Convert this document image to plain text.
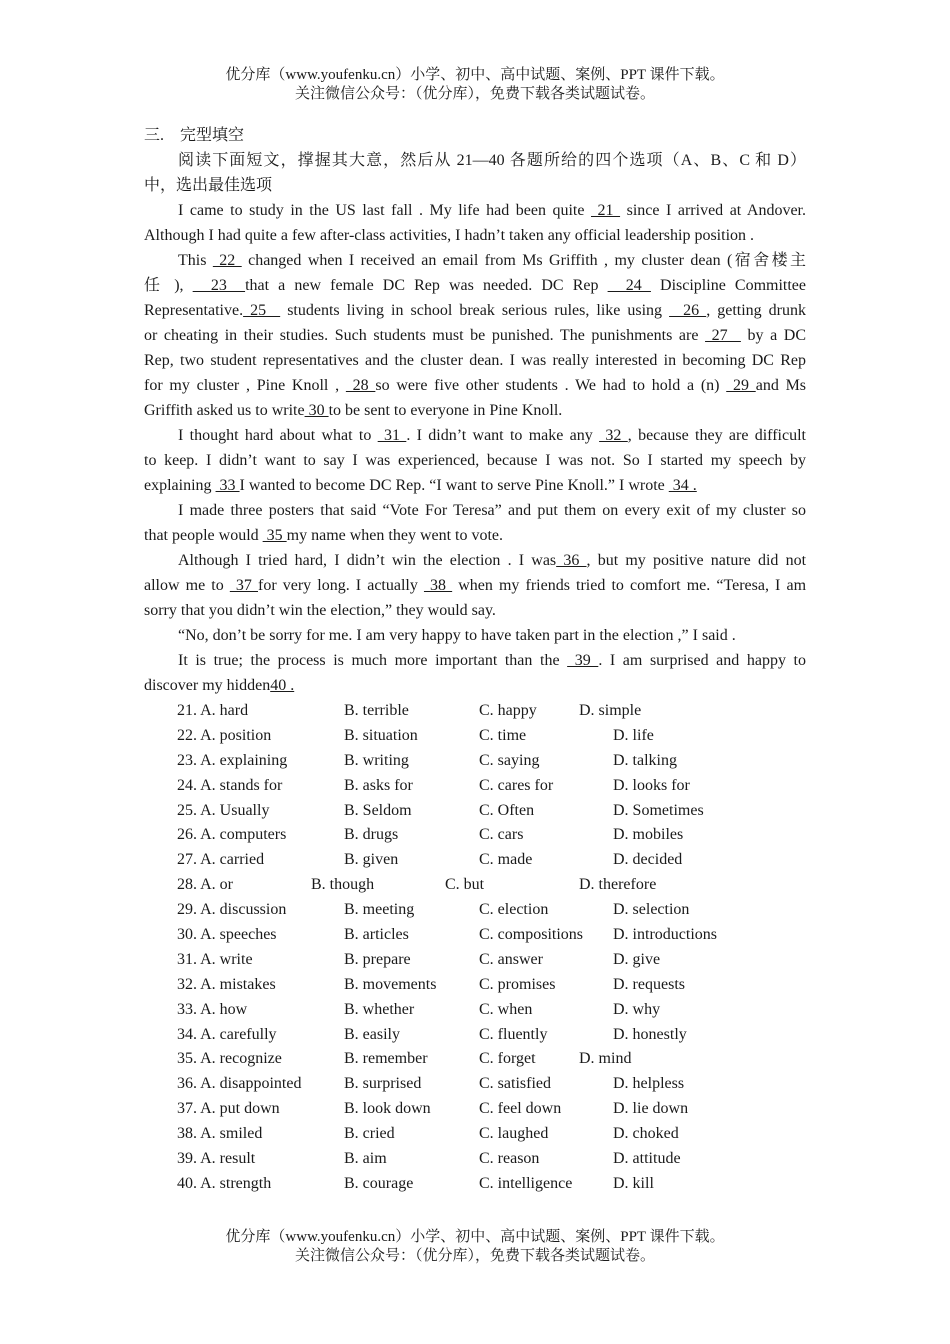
优分库（www.youfenku.cn）小学、初中、高中试题、案例、PPT 课件下载。
关注微信公众号：（优分库），免费下载各类试题试卷。
三.　完型填空
阅读下面短文，撑握其大意，然后从 21—40 各题所给的四个选项（A、B、C 和 D）
中，选出最佳选项
I came to study in the US last fall . My life had been quite  21  since I arrived at Andover.
Although I had quite a few after-class activities, I hadn’t taken any official leadership position .
This  22  changed when I received an email from Ms Griffith , my cluster dean (宿舍楼主
任 ),   23  that a new female DC Rep was needed. DC Rep   24  Discipline Committee
Representative. 25   students living in school break serious rules, like using   26 , getting drunk
or cheating in their studies. Such students must be punished. The punishments are  27   by a DC
Rep, two student representatives and the cluster dean. I was really interested in becoming DC Rep
for my cluster , Pine Knoll ,  28 so were five other students . We had to hold a (n)  29 and Ms
Griffith asked us to write 30 to be sent to everyone in Pine Knoll.
I thought hard about what to  31 . I didn’t want to make any  32 , because they are difficult
to keep. I didn’t want to say I was experienced, because I was not. So I started my speech by
explaining  33 I wanted to become DC Rep. “I want to serve Pine Knoll.” I wrote  34 .
I made three posters that said “Vote For Teresa” and put them on every exit of my cluster so
that people would  35 my name when they went to vote.
Although I tried hard, I didn’t win the election . I was 36 , but my positive nature did not
allow me to  37 for very long. I actually  38  when my friends tried to comfort me. “Teresa, I am
sorry that you didn’t win the election,” they would say.
“No, don’t be sorry for me. I am very happy to have taken part in the election ,” I said .
It is true; the process is much more important than the  39 . I am surprised and happy to
discover my hidden40 .
21. A. hard	B. terrible	C. happy	D. simple
22. A. position	B. situation	C. time	D. life
23. A. explaining	B. writing	C. saying	D. talking
24. A. stands for	B. asks for	C. cares for	D. looks for
25. A. Usually	B. Seldom	C. Often	D. Sometimes
26. A. computers	B. drugs	C. cars	D. mobiles
27. A. carried	B. given	C. made	D. decided
28. A. or	B. though	C. but	D. therefore
29. A. discussion	B. meeting	C. election	D. selection
30. A. speeches	B. articles	C. compositions D. introductions
31. A. write	B. prepare	C. answer	D. give
32. A. mistakes	B. movements	C. promises	D. requests
33. A. how	B. whether	C. when	D. why
34. A. carefully	B. easily	C. fluently	D. honestly
35. A. recognize	B. remember	C. forget	D. mind
36. A. disappointed	B. surprised	C. satisfied	D. helpless
37. A. put down	B. look down	C. feel down	D. lie down
38. A. smiled	B. cried	C. laughed	D. choked
39. A. result	B. aim	C. reason	D. attitude
40. A. strength	B. courage	C. intelligence	D. kill
优分库（www.youfenku.cn）小学、初中、高中试题、案例、PPT 课件下载。
关注微信公众号：（优分库），免费下载各类试题试卷。
